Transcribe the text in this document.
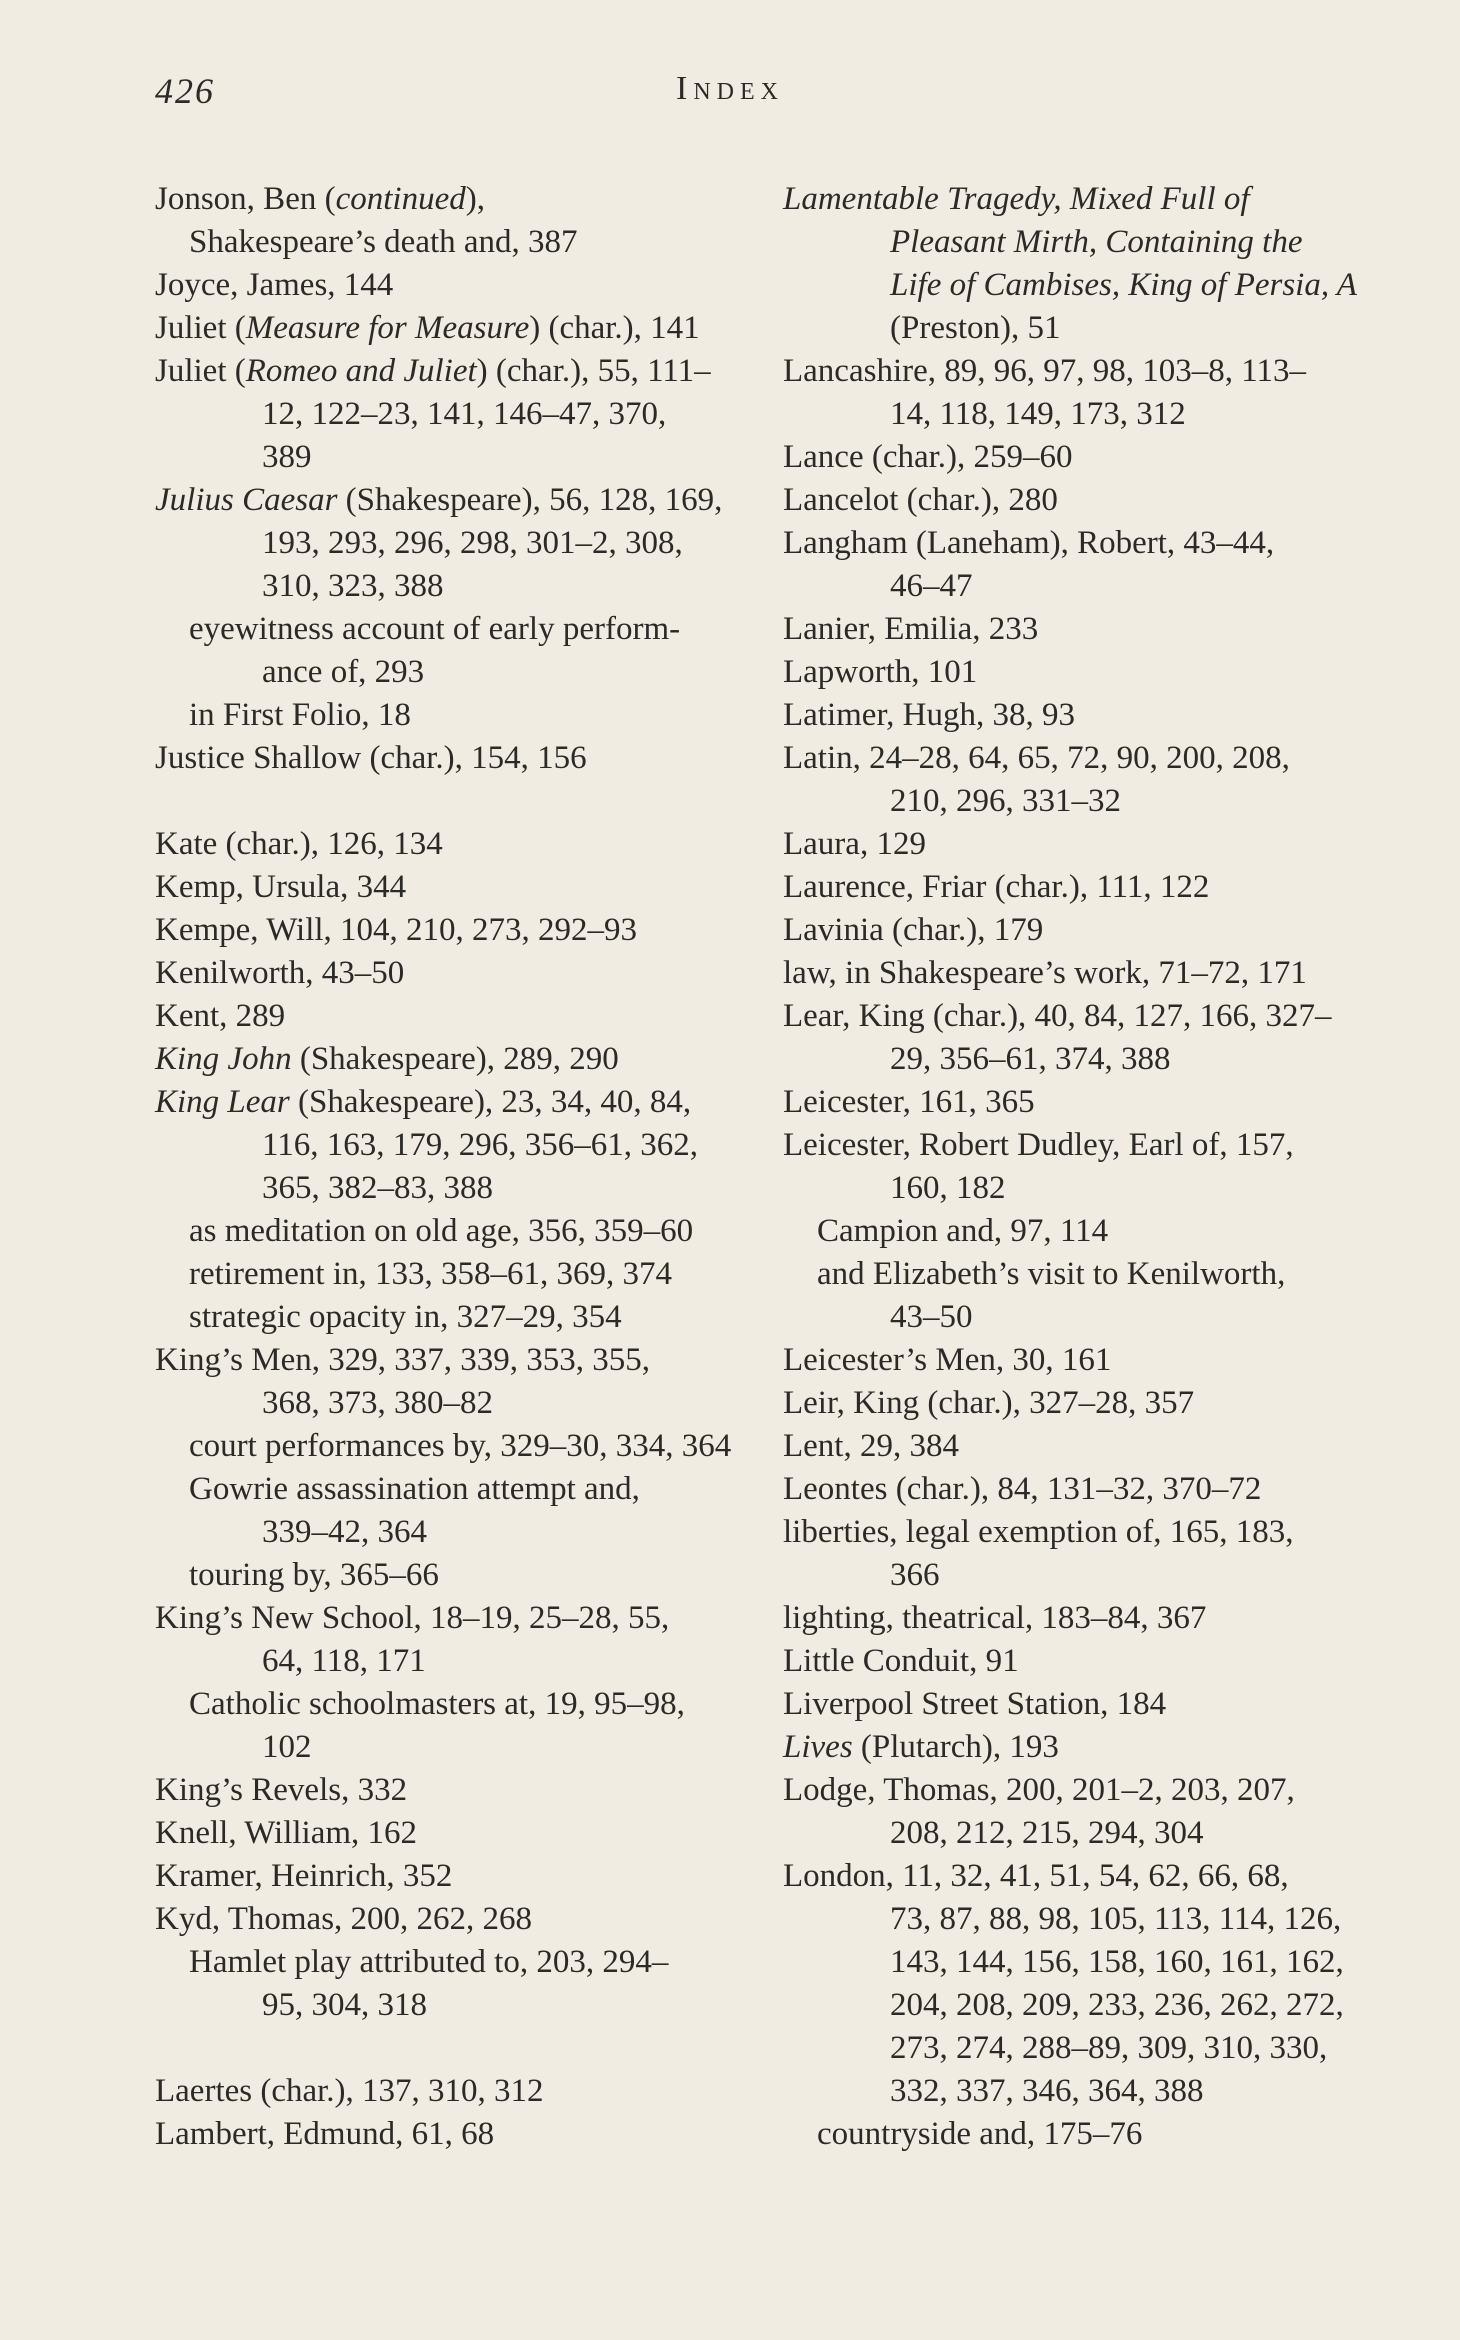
426	Index
Jonson, Ben (continued),
Shakespeare’s death and, 387
Joyce, James, 144
Juliet (Measure for Measure) (char.), 141
Juliet (Romeo and Juliet) (char.), 55, 111–
12, 122–23, 141, 146–47, 370,
389
Julius Caesar (Shakespeare), 56, 128, 169,
193, 293, 296, 298, 301–2, 308,
310, 323, 388
eyewitness account of early perform-
ance of, 293
in First Folio, 18
Justice Shallow (char.), 154, 156
Kate (char.), 126, 134
Kemp, Ursula, 344
Kempe, Will, 104, 210, 273, 292–93
Kenilworth, 43–50
Kent, 289
King John (Shakespeare), 289, 290
King Lear (Shakespeare), 23, 34, 40, 84,
116, 163, 179, 296, 356–61, 362,
365, 382–83, 388
as meditation on old age, 356, 359–60
retirement in, 133, 358–61, 369, 374
strategic opacity in, 327–29, 354
King’s Men, 329, 337, 339, 353, 355,
368, 373, 380–82
court performances by, 329–30, 334, 364
Gowrie assassination attempt and,
339–42, 364
touring by, 365–66
King’s New School, 18–19, 25–28, 55,
64, 118, 171
Catholic schoolmasters at, 19, 95–98,
102
King’s Revels, 332
Knell, William, 162
Kramer, Heinrich, 352
Kyd, Thomas, 200, 262, 268
Hamlet play attributed to, 203, 294–
95, 304, 318
Laertes (char.), 137, 310, 312
Lambert, Edmund, 61, 68
Lamentable Tragedy, Mixed Full of
Pleasant Mirth, Containing the
Life of Cambises, King of Persia, A
(Preston), 51
Lancashire, 89, 96, 97, 98, 103–8, 113–
14, 118, 149, 173, 312
Lance (char.), 259–60
Lancelot (char.), 280
Langham (Laneham), Robert, 43–44,
46–47
Lanier, Emilia, 233
Lapworth, 101
Latimer, Hugh, 38, 93
Latin, 24–28, 64, 65, 72, 90, 200, 208,
210, 296, 331–32
Laura, 129
Laurence, Friar (char.), 111, 122
Lavinia (char.), 179
law, in Shakespeare’s work, 71–72, 171
Lear, King (char.), 40, 84, 127, 166, 327–
29, 356–61, 374, 388
Leicester, 161, 365
Leicester, Robert Dudley, Earl of, 157,
160, 182
Campion and, 97, 114
and Elizabeth’s visit to Kenilworth,
43–50
Leicester’s Men, 30, 161
Leir, King (char.), 327–28, 357
Lent, 29, 384
Leontes (char.), 84, 131–32, 370–72
liberties, legal exemption of, 165, 183,
366
lighting, theatrical, 183–84, 367
Little Conduit, 91
Liverpool Street Station, 184
Lives (Plutarch), 193
Lodge, Thomas, 200, 201–2, 203, 207,
208, 212, 215, 294, 304
London, 11, 32, 41, 51, 54, 62, 66, 68,
73, 87, 88, 98, 105, 113, 114, 126,
143, 144, 156, 158, 160, 161, 162,
204, 208, 209, 233, 236, 262, 272,
273, 274, 288–89, 309, 310, 330,
332, 337, 346, 364, 388
countryside and, 175–76
